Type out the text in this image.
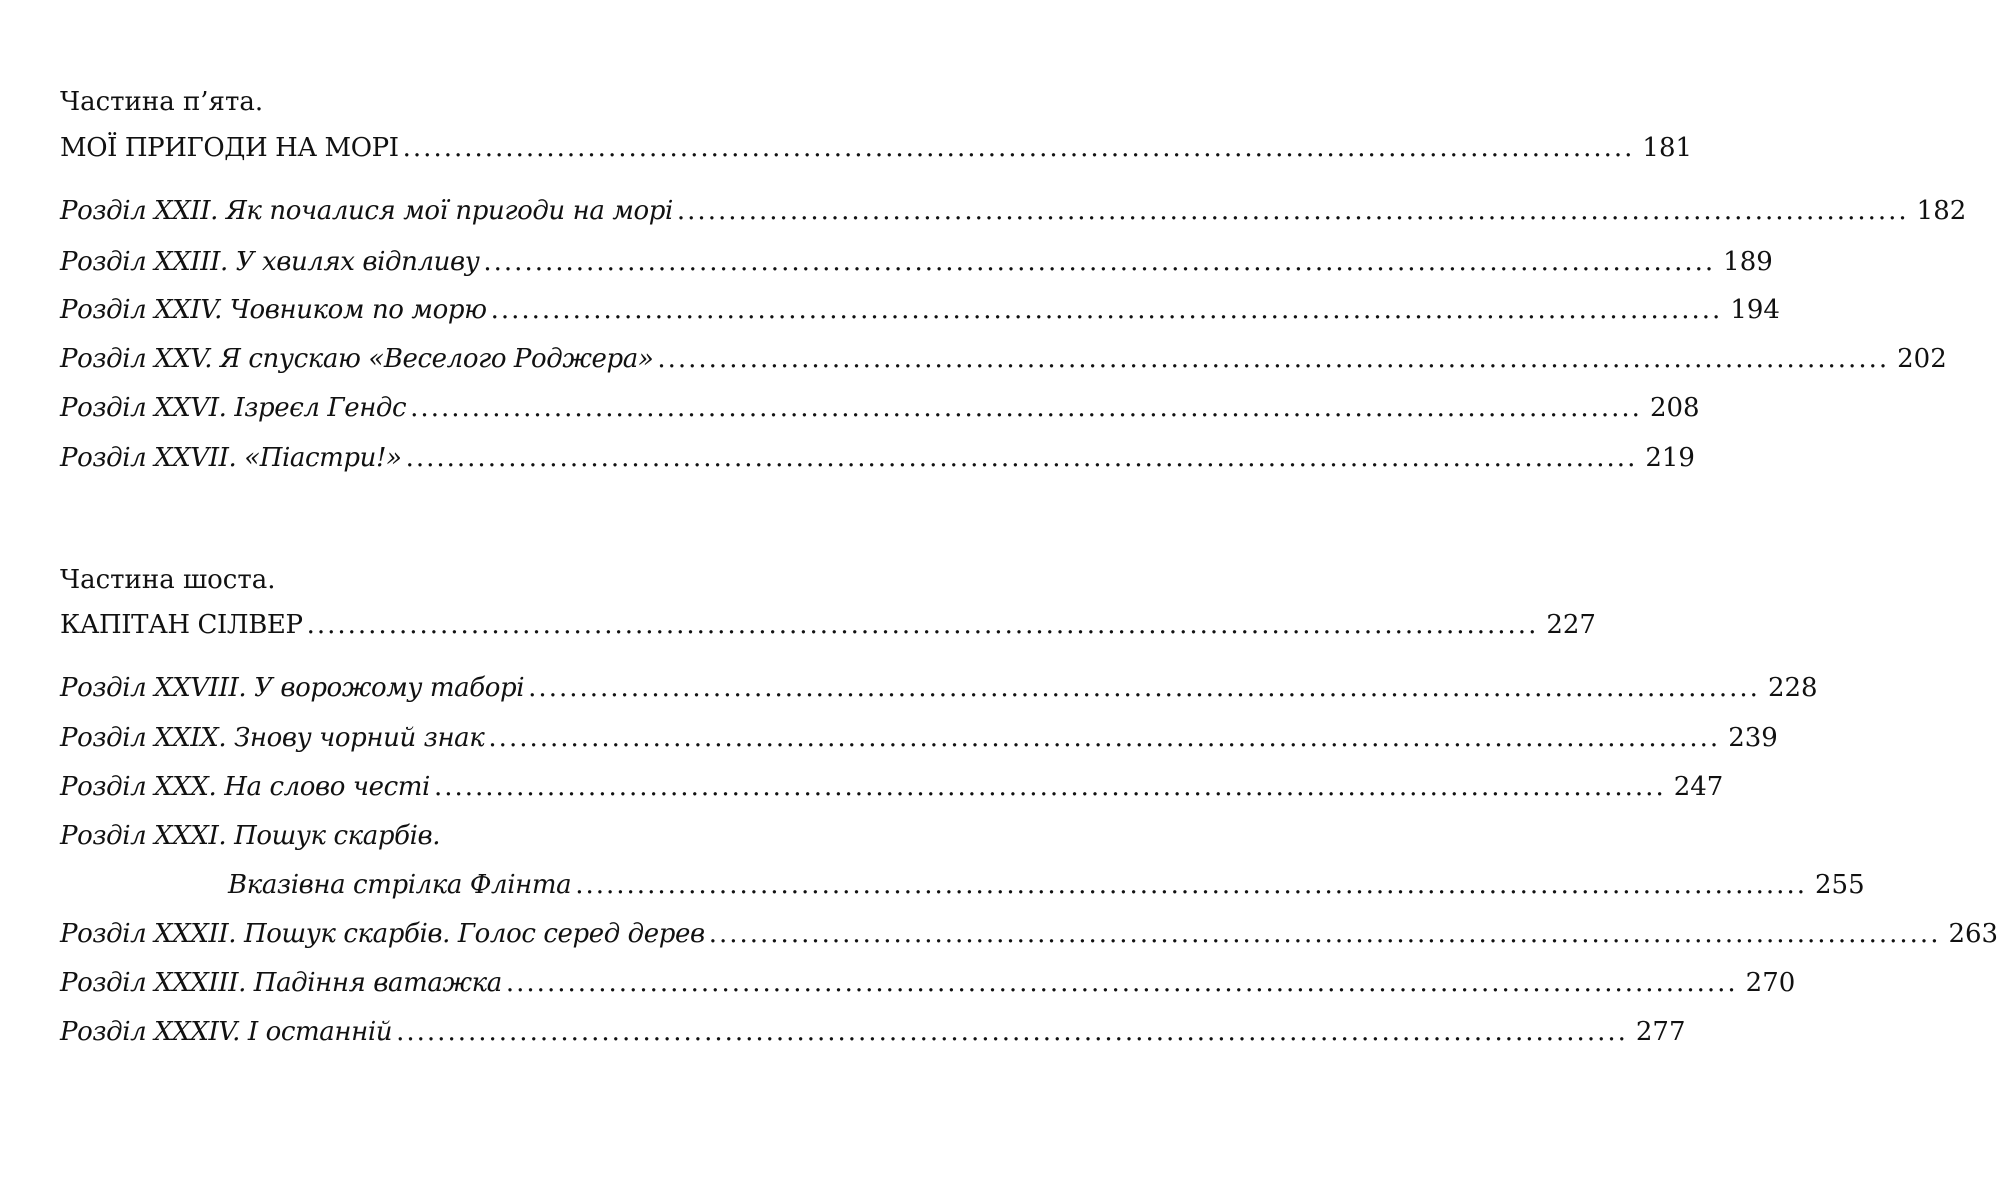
Частина п’ята.
МОЇ ПРИГОДИ НА МОРІ ........................................................................................................................ 181
Розділ XXII. Як почалися мої пригоди на морі ........................................................................................................................ 182
Розділ XXIII. У хвилях відпливу ........................................................................................................................ 189
Розділ XXIV. Човником по морю ........................................................................................................................ 194
Розділ XXV. Я спускаю «Веселого Роджера» ........................................................................................................................ 202
Розділ XXVI. Ізреєл Гендс ........................................................................................................................ 208
Розділ XXVII. «Піастри!» ........................................................................................................................ 219
Частина шоста.
КАПІТАН СІЛВЕР ........................................................................................................................ 227
Розділ XXVIII. У ворожому таборі ........................................................................................................................ 228
Розділ XXIX. Знову чорний знак ........................................................................................................................ 239
Розділ XXX. На слово честі ........................................................................................................................ 247
Розділ XXXI. Пошук скарбів.
Вказівна стрілка Флінта ........................................................................................................................ 255
Розділ XXXII. Пошук скарбів. Голос серед дерев ........................................................................................................................ 263
Розділ XXXIII. Падіння ватажка ........................................................................................................................ 270
Розділ XXXIV. І останній ........................................................................................................................ 277
